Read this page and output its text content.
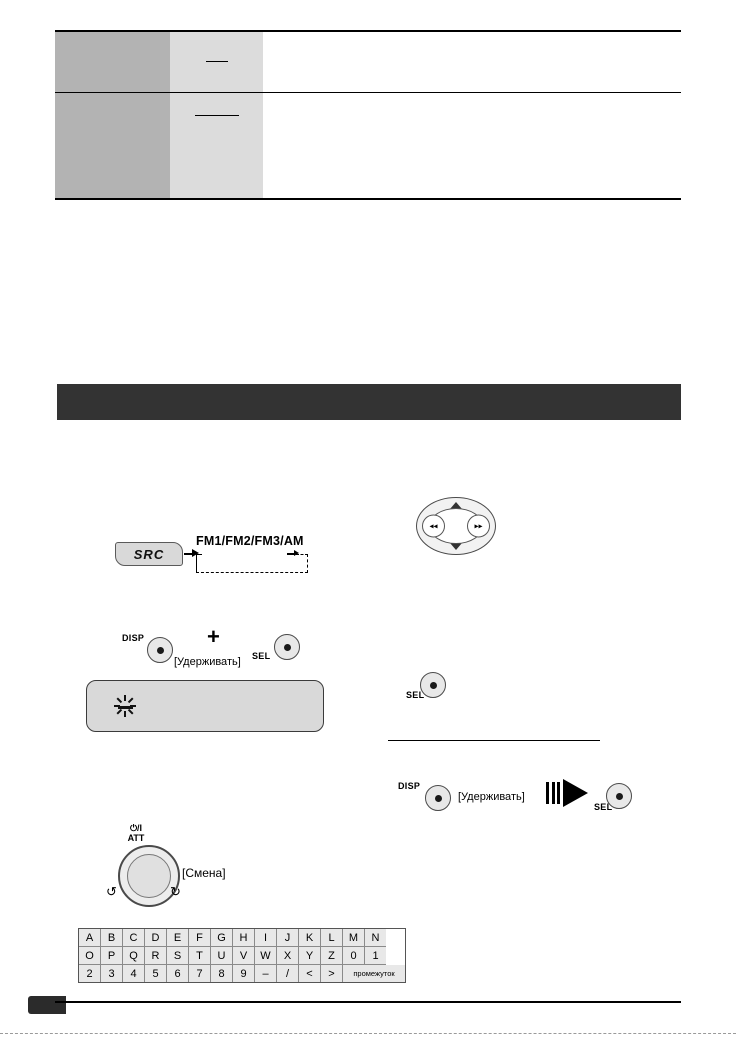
SRC
FM1/FM2/FM3/AM
◂◂	▸▸
DISP	+
[Удерживать] SEL
SEL
DISP
[Удерживать]
SEL
⏻/I
ATT
↺	↻
[Смена]
A	B	C	D	E	F	G	H	I	J	K	L	M	N
O	P	Q	R	S	T	U	V	W	X	Y	Z	0	1
2	3	4	5	6	7	8	9	–	/	<	>	промежуток
